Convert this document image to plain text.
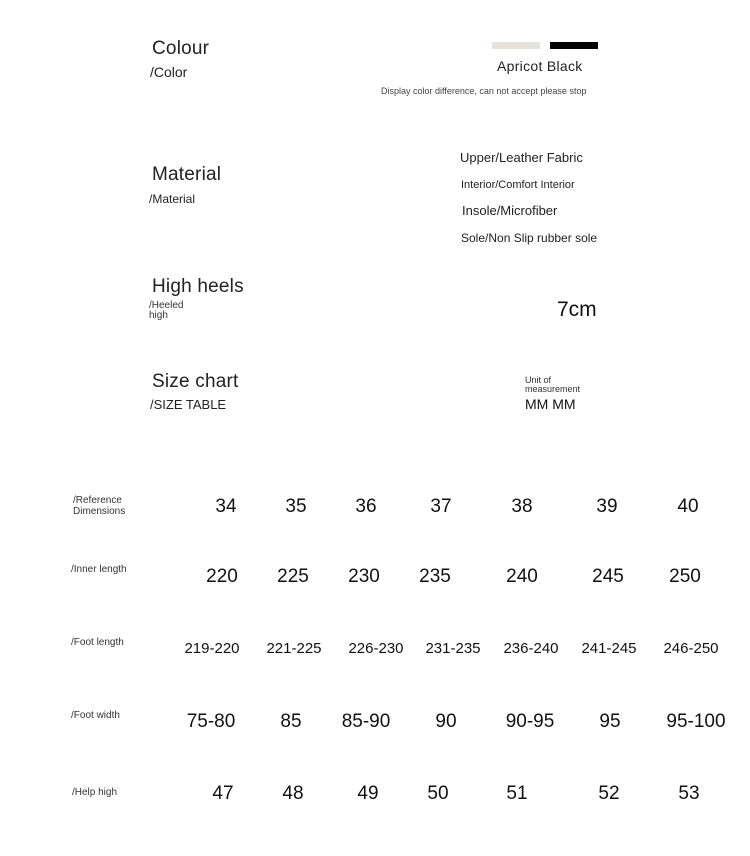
Colour
/Color	Apricot Black
Display color difference, can not accept please stop
Material
/Material
Upper/Leather Fabric
Interior/Comfort Interior
Insole/Microfiber
Sole/Non Slip rubber sole
High heels
/Heeled high	7cm
Size chart
/SIZE TABLE
Unit of measurement
MM MM
/Reference Dimensions	34	35	36	37	38	39	40
/Inner length	220	225	230	235	240	245	250
/Foot length	219-220	221-225	226-230	231-235	236-240	241-245	246-250
/Foot width	75-80	85	85-90	90	90-95	95	95-100
/Help high	47	48	49	50	51	52	53
